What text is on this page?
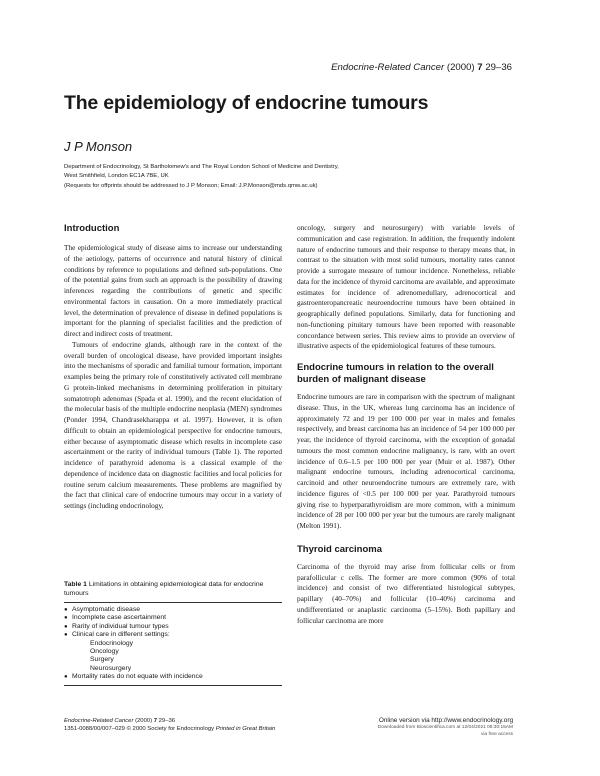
Endocrine-Related Cancer (2000) 7 29–36
The epidemiology of endocrine tumours
J P Monson
Department of Endocrinology, St Bartholomew's and The Royal London School of Medicine and Dentistry,
West Smithfield, London EC1A 7BE, UK
(Requests for offprints should be addressed to J P Monson; Email: J.P.Monson@mds.qmw.ac.uk)
Introduction

The epidemiological study of disease aims to increase our understanding of the aetiology, patterns of occurrence and natural history of clinical conditions by reference to populations and defined sub-populations. One of the potential gains from such an approach is the possibility of drawing inferences regarding the contributions of genetic and specific environmental factors in causation. On a more immediately practical level, the determination of prevalence of disease in defined populations is important for the planning of specialist facilities and the prediction of direct and indirect costs of treatment.

Tumours of endocrine glands, although rare in the context of the overall burden of oncological disease, have provided important insights into the mechanisms of sporadic and familial tumour formation, important examples being the primary role of constitutively activated cell membrane G protein-linked mechanisms in determining proliferation in pituitary somatotroph adenomas (Spada et al. 1990), and the recent elucidation of the molecular basis of the multiple endocrine neoplasia (MEN) syndromes (Ponder 1994, Chandrasekharappa et al. 1997). However, it is often difficult to obtain an epidemiological perspective for endocrine tumours, either because of asymptomatic disease which results in incomplete case ascertainment or the rarity of individual tumours (Table 1). The reported incidence of parathyroid adenoma is a classical example of the dependence of incidence data on diagnostic facilities and local policies for routine serum calcium measurements. These problems are magnified by the fact that clinical care of endocrine tumours may occur in a variety of settings (including endocrinology,

Table 1 Limitations in obtaining epidemiological data for endocrine tumours
● Asymptomatic disease
● Incomplete case ascertainment
● Rarity of individual tumour types
● Clinical care in different settings:
Endocrinology
Oncology
Surgery
Neurosurgery
● Mortality rates do not equate with incidence

oncology, surgery and neurosurgery) with variable levels of communication and case registration. In addition, the frequently indolent nature of endocrine tumours and their response to therapy means that, in contrast to the situation with most solid tumours, mortality rates cannot provide a surrogate measure of tumour incidence. Nonetheless, reliable data for the incidence of thyroid carcinoma are available, and approximate estimates for incidence of adrenomedullary, adrenocortical and gastroenteropancreatic neuroendocrine tumours have been obtained in geographically defined populations. Similarly, data for functioning and non-functioning pituitary tumours have been reported with reasonable concordance between series. This review aims to provide an overview of illustrative aspects of the epidemiological features of these tumours.

Endocrine tumours in relation to the overall burden of malignant disease

Endocrine tumours are rare in comparison with the spectrum of malignant disease. Thus, in the UK, whereas lung carcinoma has an incidence of approximately 72 and 19 per 100 000 per year in males and females respectively, and breast carcinoma has an incidence of 54 per 100 000 per year, the incidence of thyroid carcinoma, with the exception of gonadal tumours the most common endocrine malignancy, is rare, with an overt incidence of 0.6–1.5 per 100 000 per year (Muir et al. 1987). Other malignant endocrine tumours, including adrenocortical carcinoma, carcinoid and other neuroendocrine tumours are extremely rare, with incidence figures of <0.5 per 100 000 per year. Parathyroid tumours giving rise to hyperparathyroidism are more common, with a minimum incidence of 28 per 100 000 per year but the tumours are rarely malignant (Melton 1991).

Thyroid carcinoma

Carcinoma of the thyroid may arise from follicular cells or from parafollicular c cells. The former are more common (90% of total incidence) and consist of two differentiated histological subtypes, papillary (40–70%) and follicular (10–40%) carcinoma and undifferentiated or anaplastic carcinoma (5–15%). Both papillary and follicular carcinoma are more

Endocrine-Related Cancer (2000) 7 29–36
1351-0088/00/007–029 © 2000 Society for Endocrinology Printed in Great Britain
Online version via http://www.endocrinology.org
Downloaded from Bioscientifica.com at 12/04/2021 08:30:15AM
via free access
